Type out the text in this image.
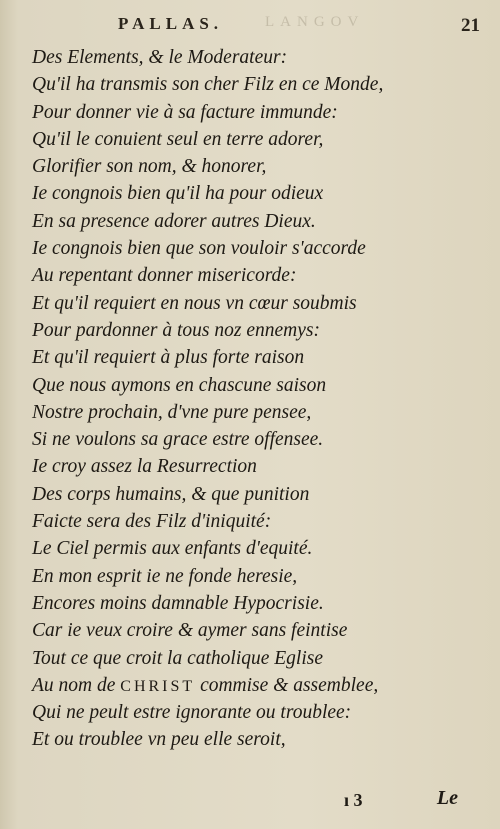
PALLAS.	LANGOV	21
Des Elements, & le Moderateur:
Qu'il ha transmis son cher Filz en ce Monde,
Pour donner vie à sa facture immunde:
Qu'il le conuient seul en terre adorer,
Glorifier son nom, & honorer,
Ie congnois bien qu'il ha pour odieux
En sa presence adorer autres Dieux.
Ie congnois bien que son vouloir s'accorde
Au repentant donner misericorde:
Et qu'il requiert en nous vn cœur soubmis
Pour pardonner à tous noz ennemys:
Et qu'il requiert à plus forte raison
Que nous aymons en chascune saison
Nostre prochain, d'vne pure pensee,
Si ne voulons sa grace estre offensee.
Ie croy assez la Resurrection
Des corps humains, & que punition
Faicte sera des Filz d'iniquité:
Le Ciel permis aux enfants d'equité.
En mon esprit ie ne fonde heresie,
Encores moins damnable Hypocrisie.
Car ie veux croire & aymer sans feintise
Tout ce que croit la catholique Eglise
Au nom de CHRIST commise & assemblee,
Qui ne peult estre ignorante ou troublee:
Et ou troublee vn peu elle seroit,
ı 3	Le
